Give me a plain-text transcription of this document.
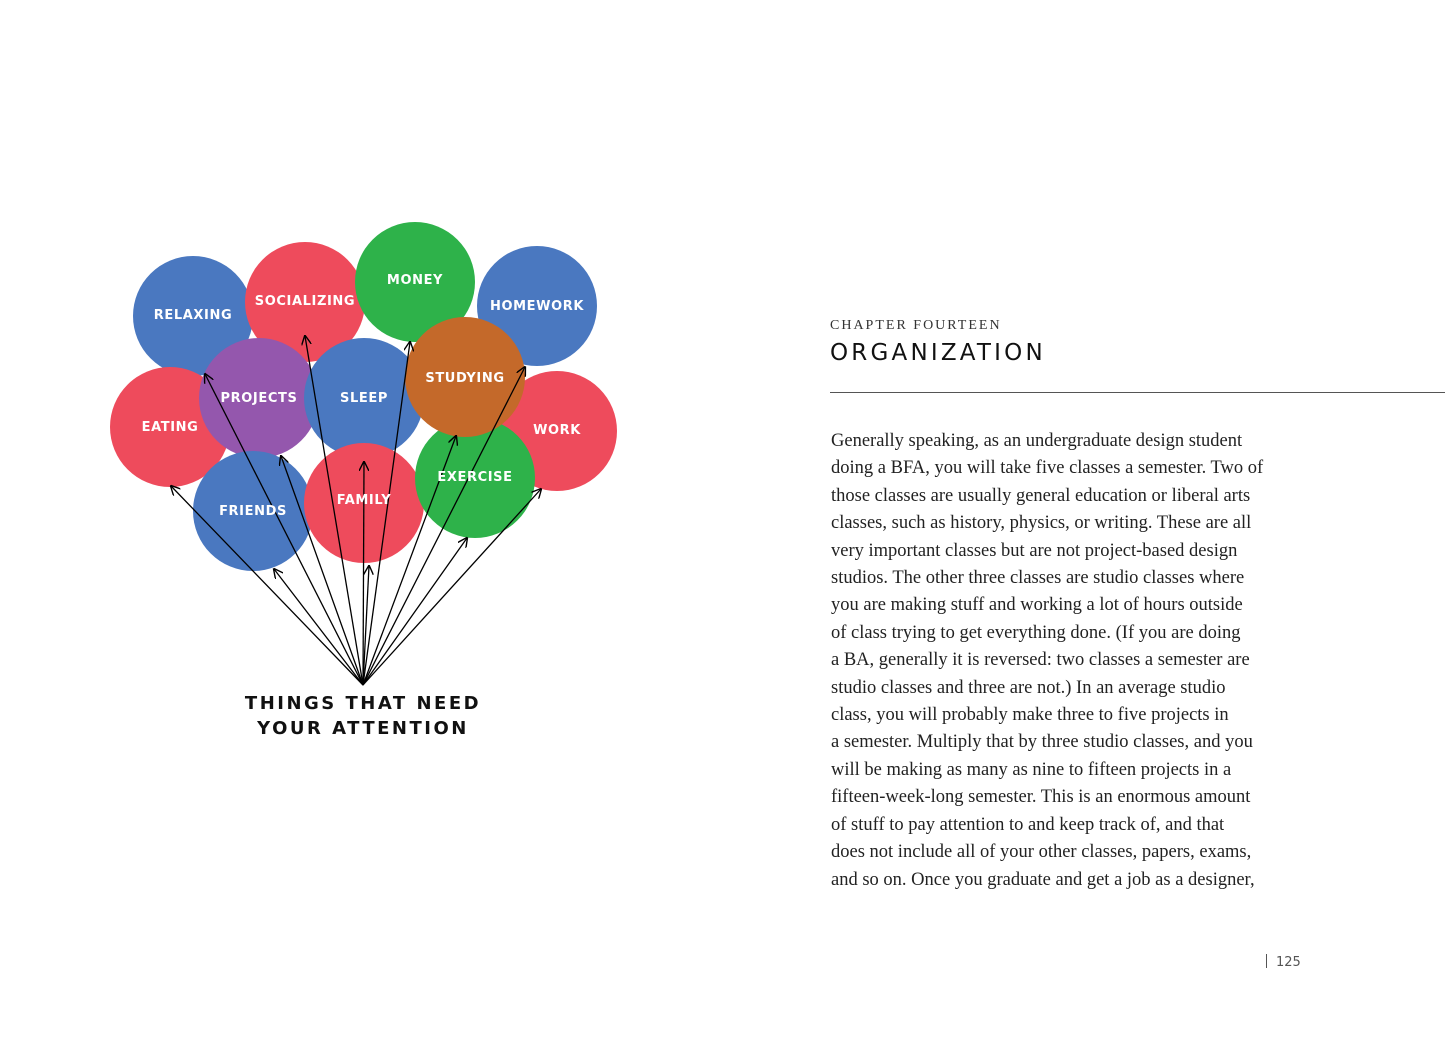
RELAXING
SOCIALIZING
MONEY
HOMEWORK
WORK
EATING
PROJECTS	SLEEP
FRIENDS
FAMILY
EXERCISE
STUDYING
THINGS THAT NEED
YOUR ATTENTION
CHAPTER FOURTEEN
ORGANIZATION
Generally speaking, as an undergraduate design student
doing a BFA, you will take five classes a semester. Two of
those classes are usually general education or liberal arts
classes, such as history, physics, or writing. These are all
very important classes but are not project-based design
studios. The other three classes are studio classes where
you are making stuff and working a lot of hours outside
of class trying to get everything done. (If you are doing
a BA, generally it is reversed: two classes a semester are
studio classes and three are not.) In an average studio
class, you will probably make three to five projects in
a semester. Multiply that by three studio classes, and you
will be making as many as nine to fifteen projects in a
fifteen-week-long semester. This is an enormous amount
of stuff to pay attention to and keep track of, and that
does not include all of your other classes, papers, exams,
and so on. Once you graduate and get a job as a designer,
125
